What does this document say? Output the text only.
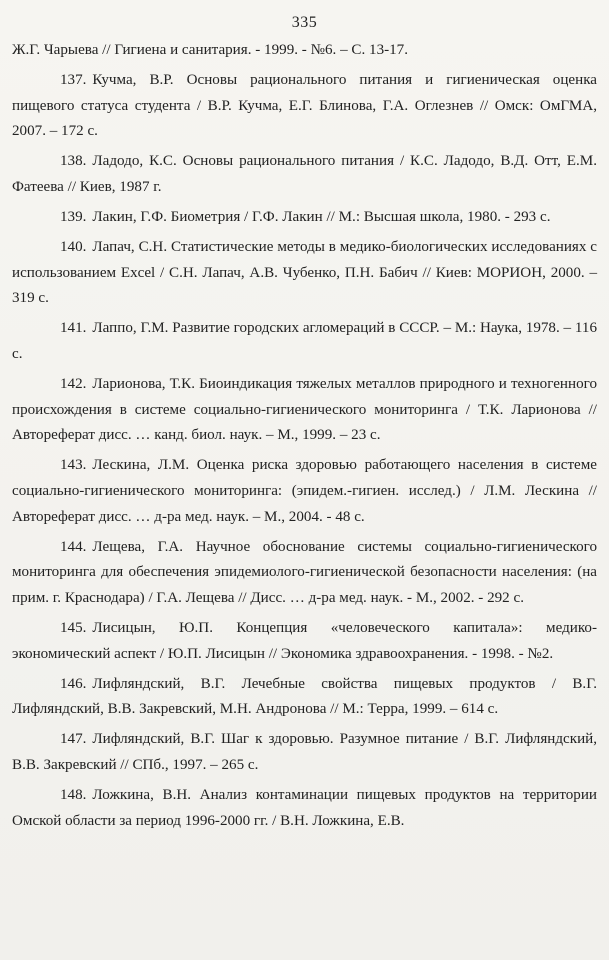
335

Ж.Г. Чарыева // Гигиена и санитария. - 1999. - №6. – С. 13-17.

137. Кучма, В.Р. Основы рационального питания и гигиеническая оценка пищевого статуса студента / В.Р. Кучма, Е.Г. Блинова, Г.А. Оглезнев // Омск: ОмГМА, 2007. – 172 с.

138. Ладодо, К.С. Основы рационального питания / К.С. Ладодо, В.Д. Отт, Е.М. Фатеева // Киев, 1987 г.

139. Лакин, Г.Ф. Биометрия / Г.Ф. Лакин // М.: Высшая школа, 1980. - 293 с.

140. Лапач, С.Н. Статистические методы в медико-биологических исследованиях с использованием Excel / С.Н. Лапач, А.В. Чубенко, П.Н. Бабич // Киев: МОРИОН, 2000. – 319 с.

141. Лаппо, Г.М. Развитие городских агломераций в СССР. – М.: Наука, 1978. – 116 с.

142. Ларионова, Т.К. Биоиндикация тяжелых металлов природного и техногенного происхождения в системе социально-гигиенического мониторинга / Т.К. Ларионова // Автореферат дисс. … канд. биол. наук. – М., 1999. – 23 с.

143. Лескина, Л.М. Оценка риска здоровью работающего населения в системе социально-гигиенического мониторинга: (эпидем.-гигиен. исслед.) / Л.М. Лескина // Автореферат дисс. … д-ра мед. наук. – М., 2004. - 48 с.

144. Лещева, Г.А. Научное обоснование системы социально-гигиенического мониторинга для обеспечения эпидемиолого-гигиенической безопасности населения: (на прим. г. Краснодара) / Г.А. Лещева // Дисс. … д-ра мед. наук. - М., 2002. - 292 с.

145. Лисицын, Ю.П. Концепция «человеческого капитала»: медико-экономический аспект / Ю.П. Лисицын // Экономика здравоохранения. - 1998. - №2.

146. Лифляндский, В.Г. Лечебные свойства пищевых продуктов / В.Г. Лифляндский, В.В. Закревский, М.Н. Андронова // М.: Терра, 1999. – 614 с.

147. Лифляндский, В.Г. Шаг к здоровью. Разумное питание / В.Г. Лифляндский, В.В. Закревский // СПб., 1997. – 265 с.

148. Ложкина, В.Н. Анализ контаминации пищевых продуктов на территории Омской области за период 1996-2000 гг. / В.Н. Ложкина, Е.В.
